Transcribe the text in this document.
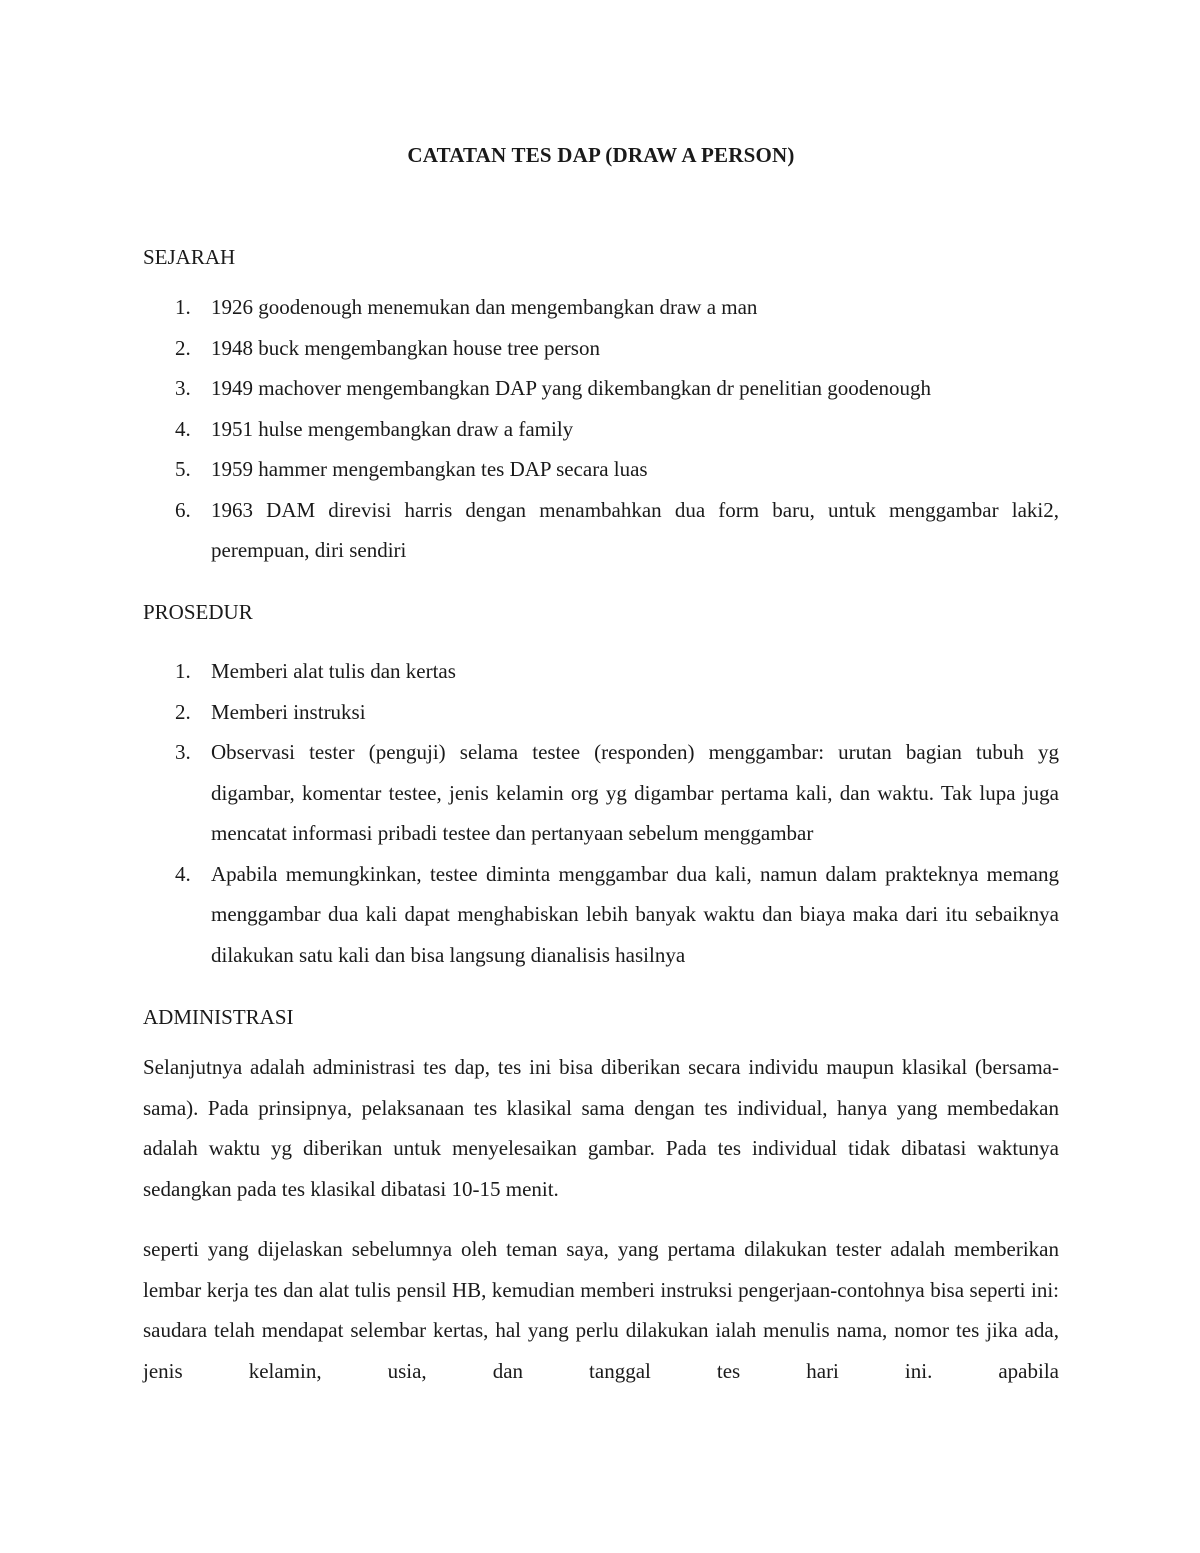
CATATAN TES DAP (DRAW A PERSON)
SEJARAH
1. 1926 goodenough menemukan dan mengembangkan draw a man
2. 1948 buck mengembangkan house tree person
3. 1949 machover mengembangkan DAP yang dikembangkan dr penelitian goodenough
4. 1951 hulse mengembangkan draw a family
5. 1959 hammer mengembangkan tes DAP secara luas
6. 1963 DAM direvisi harris dengan menambahkan dua form baru, untuk menggambar laki2, perempuan, diri sendiri
PROSEDUR
1. Memberi alat tulis dan kertas
2. Memberi instruksi
3. Observasi tester (penguji) selama testee (responden) menggambar: urutan bagian tubuh yg digambar, komentar testee, jenis kelamin org yg digambar pertama kali, dan waktu. Tak lupa juga mencatat informasi pribadi testee dan pertanyaan sebelum menggambar
4. Apabila memungkinkan, testee diminta menggambar dua kali, namun dalam prakteknya memang menggambar dua kali dapat menghabiskan lebih banyak waktu dan biaya maka dari itu sebaiknya dilakukan satu kali dan bisa langsung dianalisis hasilnya
ADMINISTRASI

Selanjutnya adalah administrasi tes dap, tes ini bisa diberikan secara individu maupun klasikal (bersama-sama). Pada prinsipnya, pelaksanaan tes klasikal sama dengan tes individual, hanya yang membedakan adalah waktu yg diberikan untuk menyelesaikan gambar. Pada tes individual tidak dibatasi waktunya sedangkan pada tes klasikal dibatasi 10-15 menit.

seperti yang dijelaskan sebelumnya oleh teman saya, yang pertama dilakukan tester adalah memberikan lembar kerja tes dan alat tulis pensil HB, kemudian memberi instruksi pengerjaan-contohnya bisa seperti ini: saudara telah mendapat selembar kertas, hal yang perlu dilakukan ialah menulis nama, nomor tes jika ada, jenis kelamin, usia, dan tanggal tes hari ini. apabila
